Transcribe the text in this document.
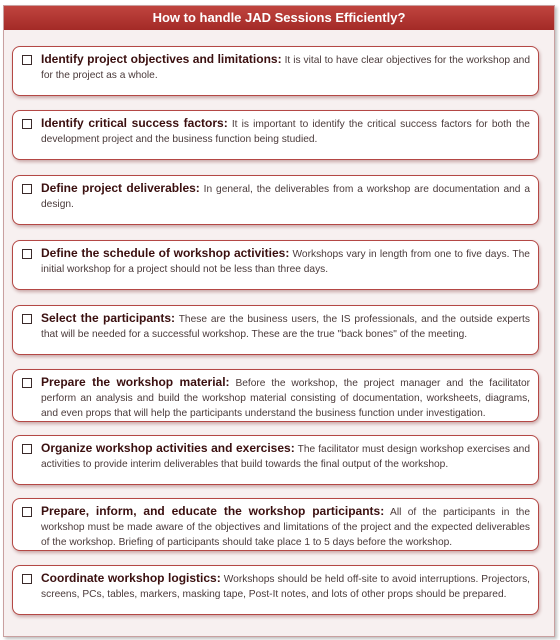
How to handle JAD Sessions Efficiently?
Identify project objectives and limitations: It is vital to have clear objectives for the workshop and for the project as a whole.
Identify critical success factors: It is important to identify the critical success factors for both the development project and the business function being studied.
Define project deliverables: In general, the deliverables from a workshop are documentation and a design.
Define the schedule of workshop activities: Workshops vary in length from one to five days. The initial workshop for a project should not be less than three days.
Select the participants: These are the business users, the IS professionals, and the outside experts that will be needed for a successful workshop. These are the true "back bones" of the meeting.
Prepare the workshop material: Before the workshop, the project manager and the facilitator perform an analysis and build the workshop material consisting of documentation, worksheets, diagrams, and even props that will help the participants understand the business function under investigation.
Organize workshop activities and exercises: The facilitator must design workshop exercises and activities to provide interim deliverables that build towards the final output of the workshop.
Prepare, inform, and educate the workshop participants: All of the participants in the workshop must be made aware of the objectives and limitations of the project and the expected deliverables of the workshop. Briefing of participants should take place 1 to 5 days before the workshop.
Coordinate workshop logistics: Workshops should be held off-site to avoid interruptions. Projectors, screens, PCs, tables, markers, masking tape, Post-It notes, and lots of other props should be prepared.
